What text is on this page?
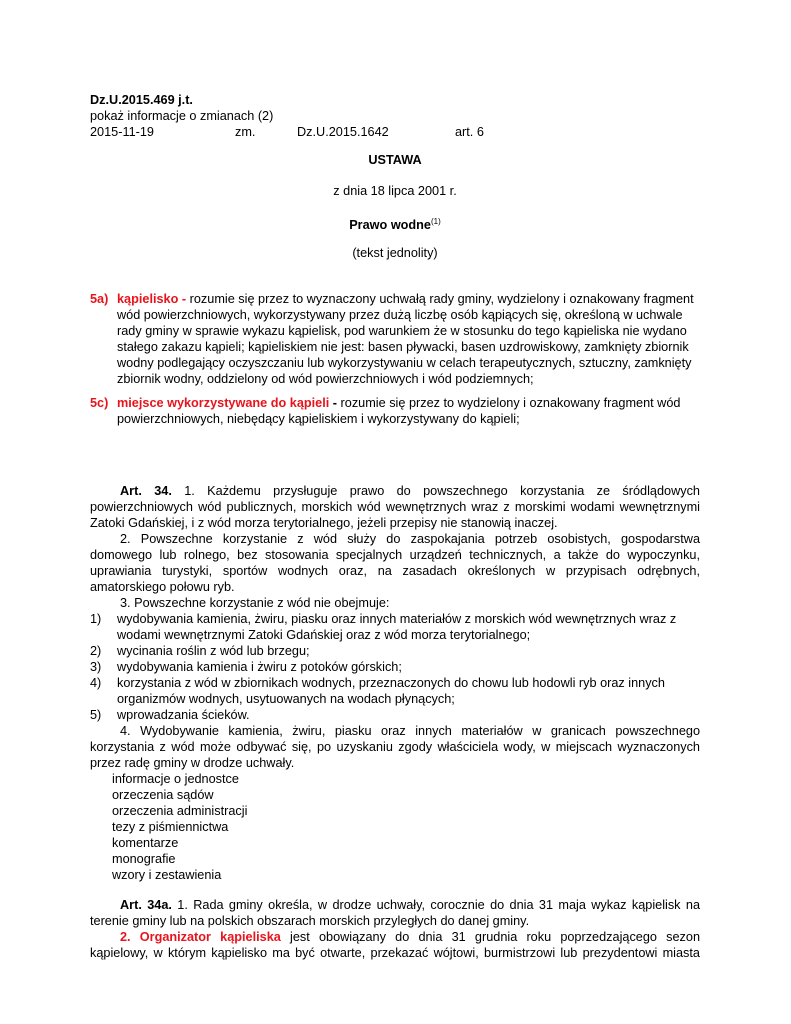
Dz.U.2015.469 j.t.
pokaż informacje o zmianach (2)
2015-11-19	zm.	Dz.U.2015.1642	art. 6
USTAWA
z dnia 18 lipca 2001 r.
Prawo wodne$^{(1)}$
(tekst jednolity)
5a) kąpielisko - rozumie się przez to wyznaczony uchwałą rady gminy, wydzielony i oznakowany fragment
wód powierzchniowych, wykorzystywany przez dużą liczbę osób kąpiących się, określoną w uchwale
rady gminy w sprawie wykazu kąpielisk, pod warunkiem że w stosunku do tego kąpieliska nie wydano
stałego zakazu kąpieli; kąpieliskiem nie jest: basen pływacki, basen uzdrowiskowy, zamknięty zbiornik
wodny podlegający oczyszczaniu lub wykorzystywaniu w celach terapeutycznych, sztuczny, zamknięty
zbiornik wodny, oddzielony od wód powierzchniowych i wód podziemnych;
5c) miejsce wykorzystywane do kąpieli - rozumie się przez to wydzielony i oznakowany fragment wód
powierzchniowych, niebędący kąpieliskiem i wykorzystywany do kąpieli;
Art. 34. 1. Każdemu przysługuje prawo do powszechnego korzystania ze śródlądowych
powierzchniowych wód publicznych, morskich wód wewnętrznych wraz z morskimi wodami wewnętrznymi
Zatoki Gdańskiej, i z wód morza terytorialnego, jeżeli przepisy nie stanowią inaczej.
2. Powszechne korzystanie z wód służy do zaspokajania potrzeb osobistych, gospodarstwa
domowego lub rolnego, bez stosowania specjalnych urządzeń technicznych, a także do wypoczynku,
uprawiania turystyki, sportów wodnych oraz, na zasadach określonych w przypisach odrębnych,
amatorskiego połowu ryb.
3. Powszechne korzystanie z wód nie obejmuje:
1) wydobywania kamienia, żwiru, piasku oraz innych materiałów z morskich wód wewnętrznych wraz z
wodami wewnętrznymi Zatoki Gdańskiej oraz z wód morza terytorialnego;
2) wycinania roślin z wód lub brzegu;
3) wydobywania kamienia i żwiru z potoków górskich;
4) korzystania z wód w zbiornikach wodnych, przeznaczonych do chowu lub hodowli ryb oraz innych
organizmów wodnych, usytuowanych na wodach płynących;
5) wprowadzania ścieków.
4. Wydobywanie kamienia, żwiru, piasku oraz innych materiałów w granicach powszechnego
korzystania z wód może odbywać się, po uzyskaniu zgody właściciela wody, w miejscach wyznaczonych
przez radę gminy w drodze uchwały.
informacje o jednostce
orzeczenia sądów
orzeczenia administracji
tezy z piśmiennictwa
komentarze
monografie
wzory i zestawienia
Art. 34a. 1. Rada gminy określa, w drodze uchwały, corocznie do dnia 31 maja wykaz kąpielisk na
terenie gminy lub na polskich obszarach morskich przyległych do danej gminy.
2. Organizator kąpieliska jest obowiązany do dnia 31 grudnia roku poprzedzającego sezon
kąpielowy, w którym kąpielisko ma być otwarte, przekazać wójtowi, burmistrzowi lub prezydentowi miasta
